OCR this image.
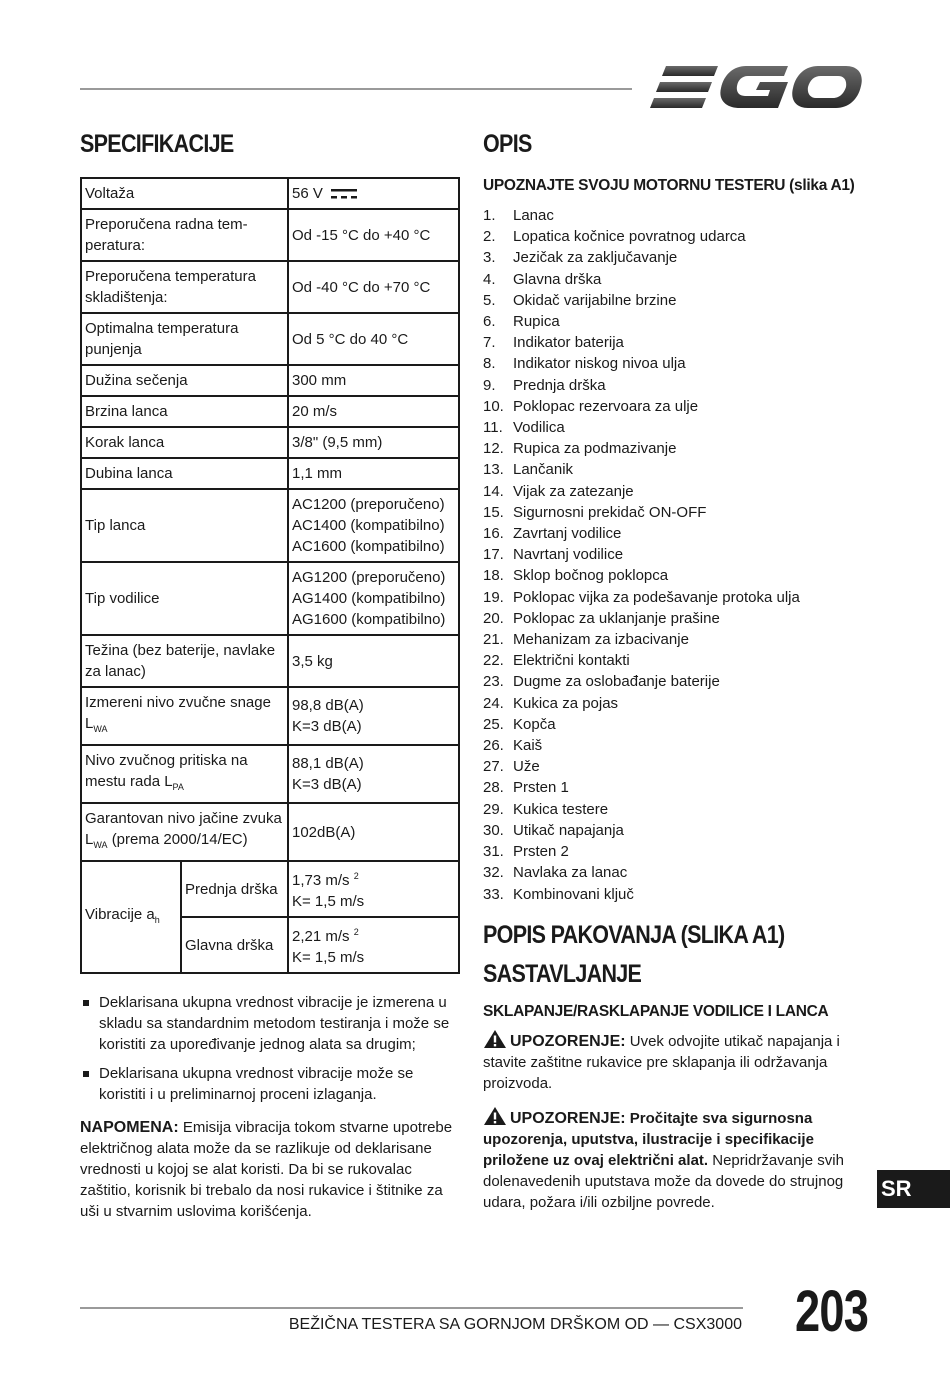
SPECIFIKACIJE
Voltaža		56 V
Preporučena radna tem-peratura:		Od -15 °C do +40 °C
Preporučena temperatura skladištenja:		Od -40 °C do +70 °C
Optimalna temperatura punjenja		Od 5 °C do 40 °C
Dužina sečenja		300 mm
Brzina lanca		20 m/s
Korak lanca		3/8" (9,5 mm)
Dubina lanca		1,1 mm
Tip lanca		AC1200 (preporučeno)
AC1400 (kompatibilno)
AC1600 (kompatibilno)

Tip vodilice		AG1200 (preporučeno)
AG1400 (kompatibilno)
AG1600 (kompatibilno)

Težina (bez baterije, navlake za lanac)		3,5 kg
Izmereni nivo zvučne snage $L_{WA}$		98,8 dB(A)
K=3 dB(A)

Nivo zvučnog pritiska na mestu rada $L_{PA}$		88,1 dB(A)
K=3 dB(A)

Garantovan nivo jačine zvuka $L_{WA}$ (prema 2000/14/EC)		102dB(A)
Vibracije $a_h$	Prednja drška	1,73 m/s $^2$
K= 1,5 m/s

	Glavna drška	2,21 m/s $^2$
K= 1,5 m/s
Deklarisana ukupna vrednost vibracije je izmerena u skladu sa standardnim metodom testiranja i može se koristiti za upoređivanje jednog alata sa drugim;
Deklarisana ukupna vrednost vibracije može se koristiti i u preliminarnoj proceni izlaganja.
NAPOMENA: Emisija vibracija tokom stvarne upotrebe električnog alata može da se razlikuje od deklarisane vrednosti u kojoj se alat koristi. Da bi se rukovalac zaštitio, korisnik bi trebalo da nosi rukavice i štitnike za uši u stvarnim uslovima korišćenja.
OPIS
UPOZNAJTE SVOJU MOTORNU TESTERU (slika A1)
1.	Lanac
2.	Lopatica kočnice povratnog udarca
3.	Jezičak za zaključavanje
4.	Glavna drška
5.	Okidač varijabilne brzine
6.	Rupica
7.	Indikator baterija
8.	Indikator niskog nivoa ulja
9.	Prednja drška
10. Poklopac rezervoara za ulje
11. Vodilica
12. Rupica za podmazivanje
13. Lančanik
14. Vijak za zatezanje
15. Sigurnosni prekidač ON-OFF
16. Zavrtanj vodilice
17. Navrtanj vodilice
18. Sklop bočnog poklopca
19. Poklopac vijka za podešavanje protoka ulja
20. Poklopac za uklanjanje prašine
21. Mehanizam za izbacivanje
22. Električni kontakti
23. Dugme za oslobađanje baterije
24. Kukica za pojas
25. Kopča
26. Kaiš
27. Uže
28. Prsten 1
29. Kukica testere
30. Utikač napajanja
31. Prsten 2
32. Navlaka za lanac
33. Kombinovani ključ
POPIS PAKOVANJA (SLIKA A1)
SASTAVLJANJE
SKLAPANJE/RASKLAPANJE VODILICE I LANCA
UPOZORENJE: Uvek odvojite utikač napajanja i stavite zaštitne rukavice pre sklapanja ili održavanja proizvoda.
UPOZORENJE: Pročitajte sva sigurnosna upozorenja, uputstva, ilustracije i specifikacije priložene uz ovaj električni alat. Nepridržavanje svih dolenavedenih uputstava može da dovede do strujnog udara, požara i/ili ozbiljne povrede.
SR
BEŽIČNA TESTERA SA GORNJOM DRŠKOM OD — CSX3000 203
